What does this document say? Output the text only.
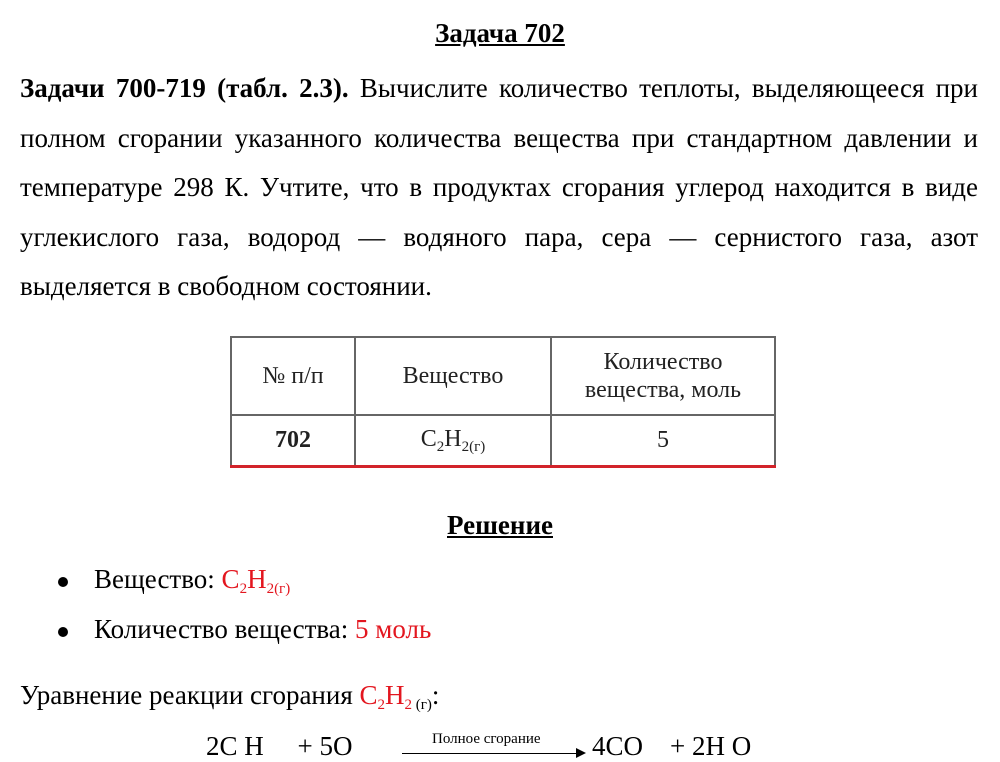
Задача 702
Задачи 700-719 (табл. 2.3). Вычислите количество теплоты, выделяющееся при полном сгорании указанного количества вещества при стандартном давлении и температуре 298 К. Учтите, что в продуктах сгорания углерод находится в виде углекислого газа, водород — водяного пара, сера — сернистого газа, азот выделяется в свободном состоянии.
№ п/п	Вещество	Количество
вещества, моль

702	$C_2H_{2(г)}$	5
Решение
Вещество: $C_2H_{2(г)}$
Количество вещества: 5 моль
Уравнение реакции сгорания $C_2H_2$ $_{(г)}$:
2C H     + 5O	Полное сгорание 4CO    + 2H O
